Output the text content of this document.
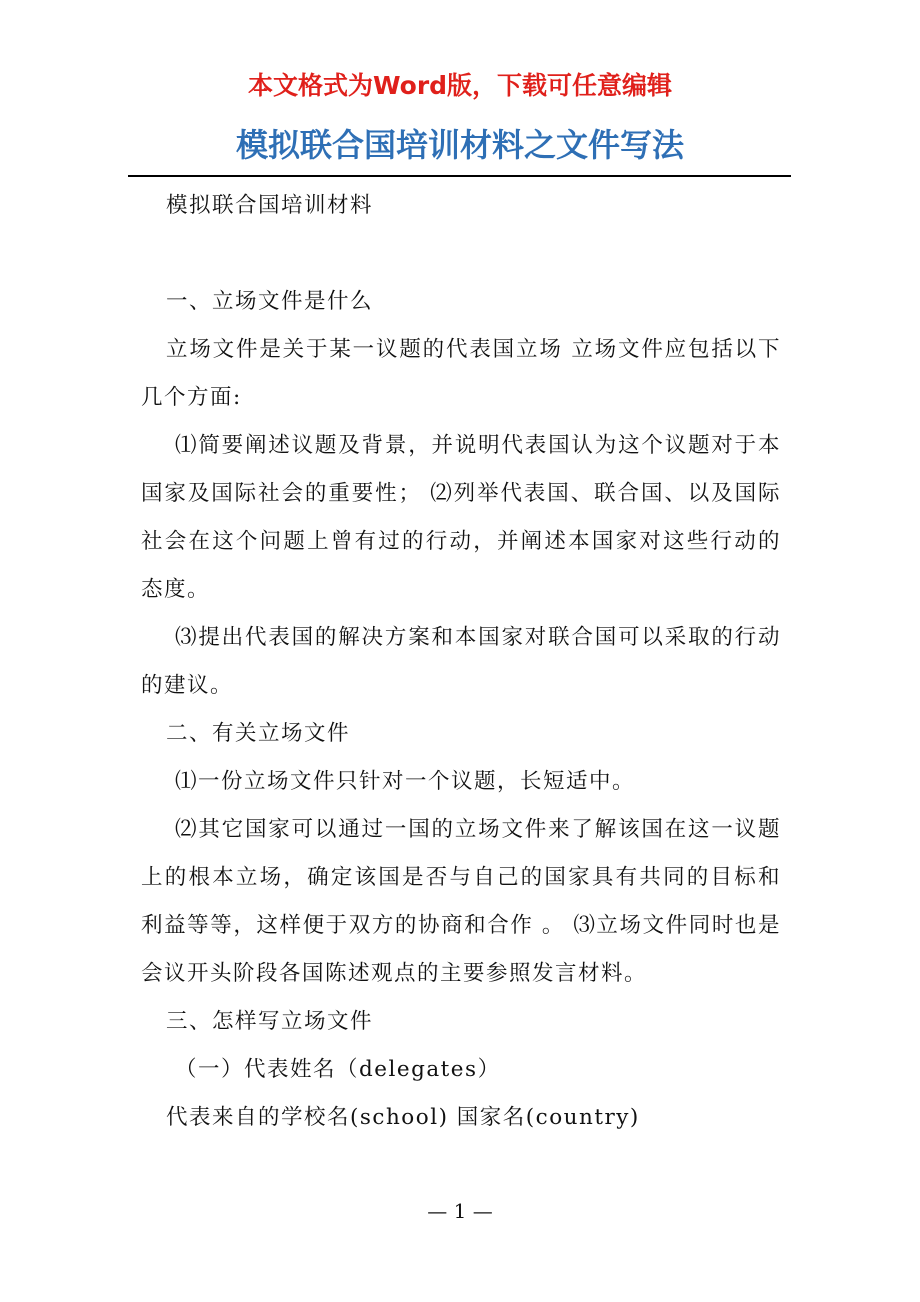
本文格式为Word版，下载可任意编辑
模拟联合国培训材料之文件写法

模拟联合国培训材料

一、立场文件是什么

立场文件是关于某一议题的代表国立场 立场文件应包括以下几个方面:

⑴简要阐述议题及背景，并说明代表国认为这个议题对于本国家及国际社会的重要性； ⑵列举代表国、联合国、以及国际社会在这个问题上曾有过的行动，并阐述本国家对这些行动的态度。

⑶提出代表国的解决方案和本国家对联合国可以采取的行动的建议。

二、有关立场文件

⑴一份立场文件只针对一个议题，长短适中。

⑵其它国家可以通过一国的立场文件来了解该国在这一议题上的根本立场，确定该国是否与自己的国家具有共同的目标和利益等等，这样便于双方的协商和合作 。 ⑶立场文件同时也是会议开头阶段各国陈述观点的主要参照发言材料。

三、怎样写立场文件

（一）代表姓名（delegates）

代表来自的学校名(school) 国家名(country)

— 1 —
